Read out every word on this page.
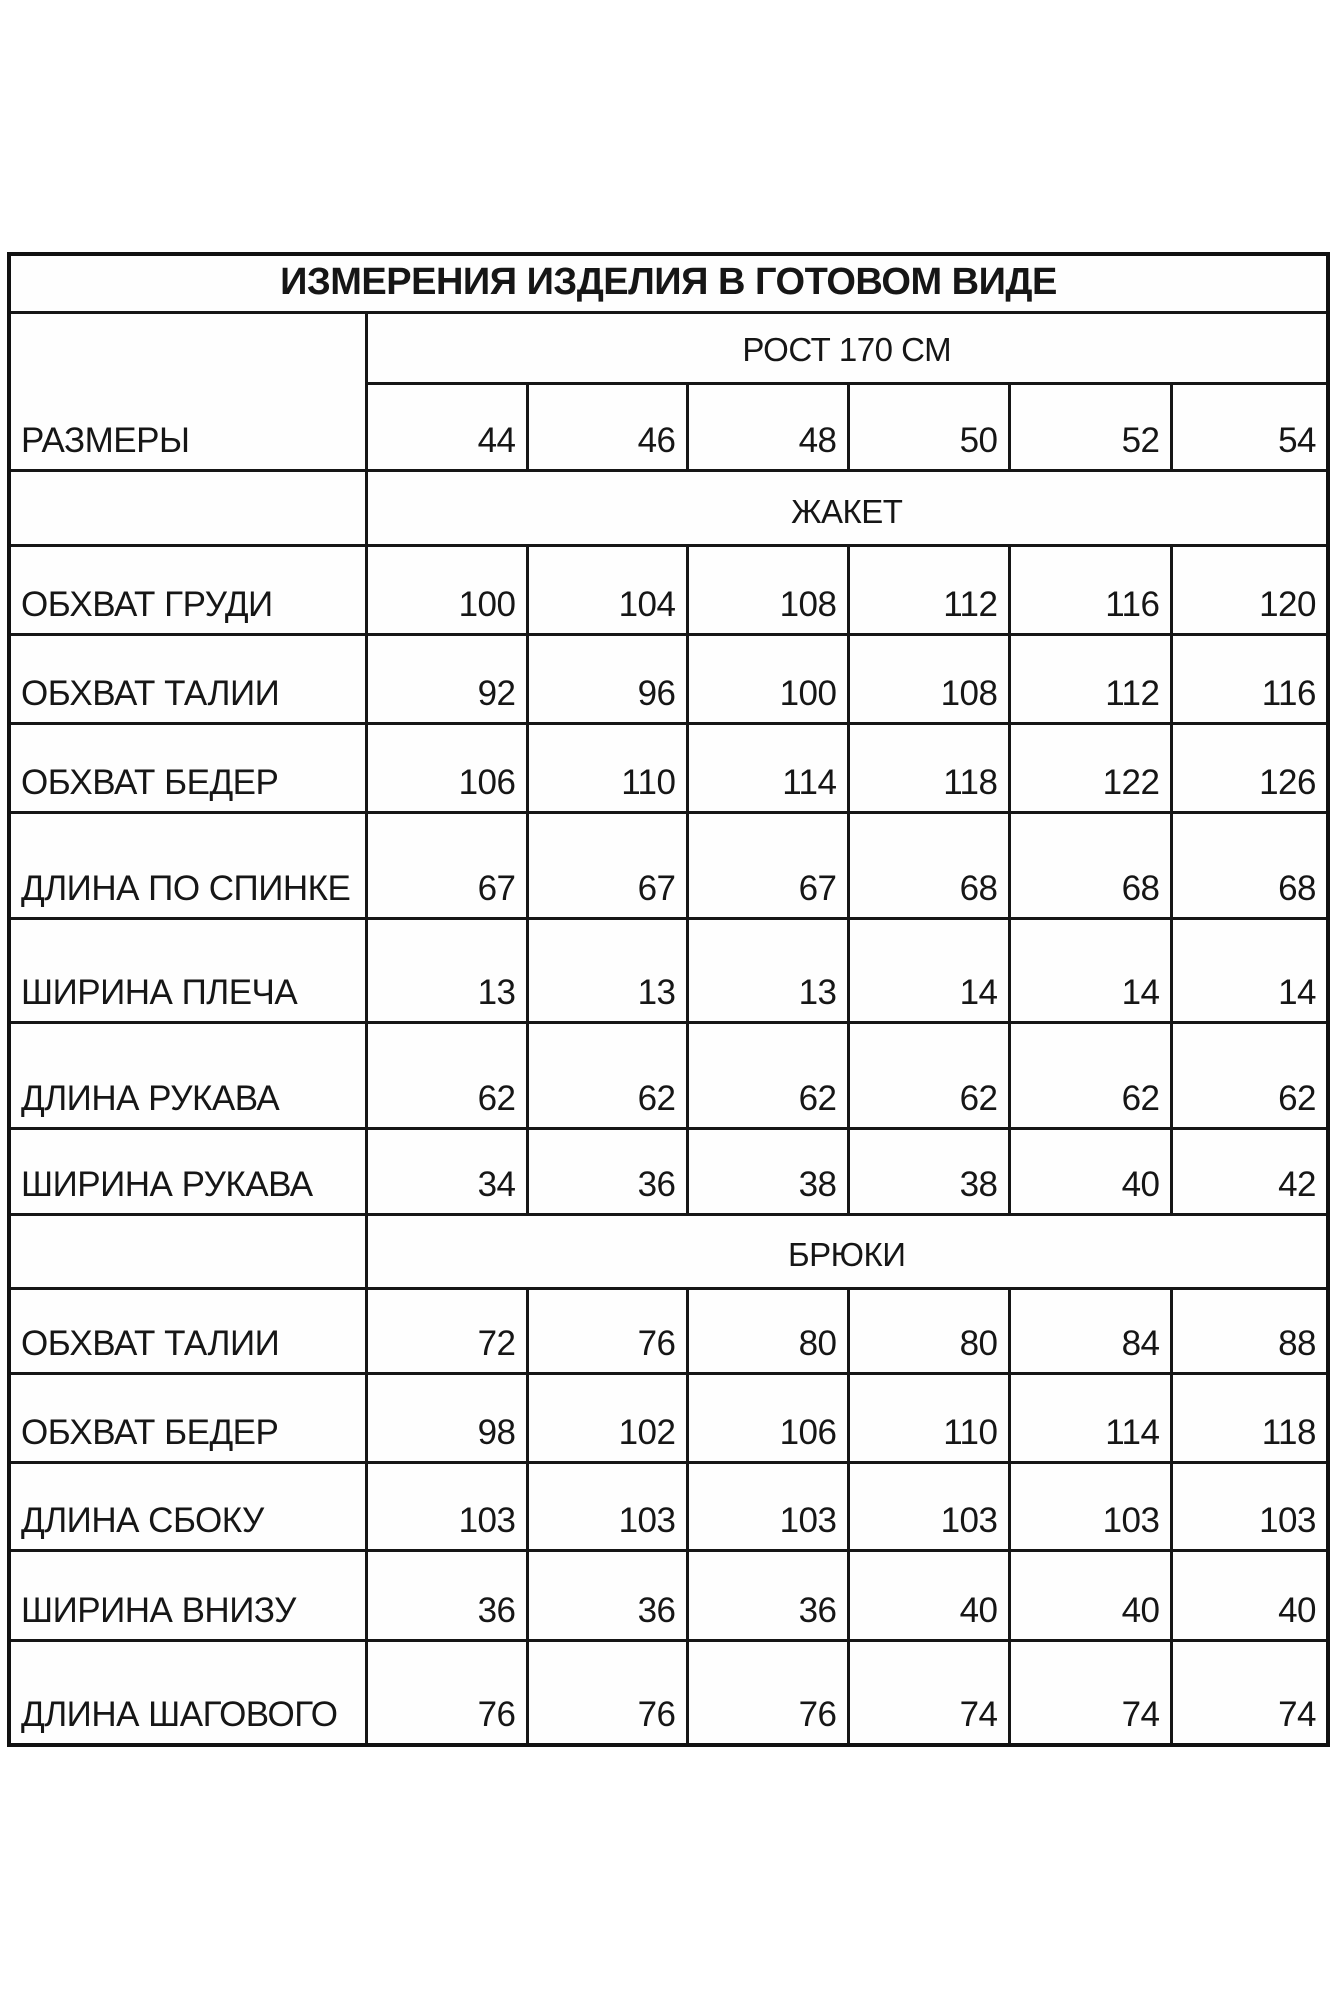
ИЗМЕРЕНИЯ ИЗДЕЛИЯ В ГОТОВОМ ВИДЕ						
РАЗМЕРЫ	РОСТ 170 СМ					
	44	46	48	50	52	54
	ЖАКЕТ					
ОБХВАТ ГРУДИ	100	104	108	112	116	120
ОБХВАТ ТАЛИИ	92	96	100	108	112	116
ОБХВАТ БЕДЕР	106	110	114	118	122	126
ДЛИНА ПО СПИНКЕ	67	67	67	68	68	68
ШИРИНА ПЛЕЧА	13	13	13	14	14	14
ДЛИНА РУКАВА	62	62	62	62	62	62
ШИРИНА РУКАВА	34	36	38	38	40	42
	БРЮКИ					
ОБХВАТ ТАЛИИ	72	76	80	80	84	88
ОБХВАТ БЕДЕР	98	102	106	110	114	118
ДЛИНА СБОКУ	103	103	103	103	103	103
ШИРИНА ВНИЗУ	36	36	36	40	40	40
ДЛИНА ШАГОВОГО	76	76	76	74	74	74
